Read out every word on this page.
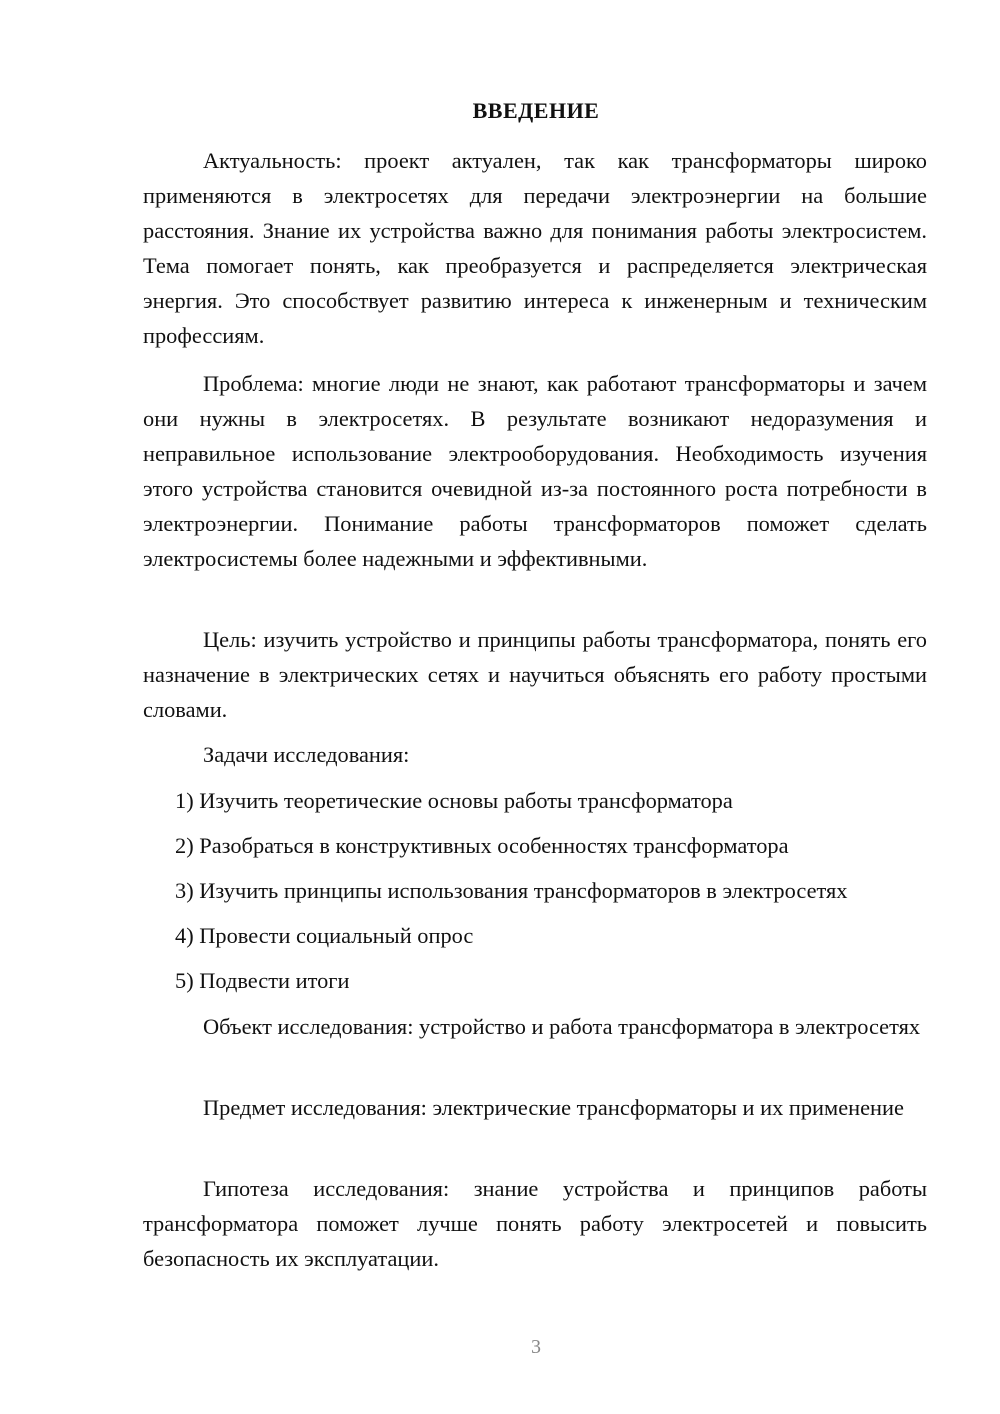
ВВЕДЕНИЕ
Актуальность: проект актуален, так как трансформаторы широко применяются в электросетях для передачи электроэнергии на большие расстояния. Знание их устройства важно для понимания работы электросистем. Тема помогает понять, как преобразуется и распределяется электрическая энергия. Это способствует развитию интереса к инженерным и техническим профессиям.
Проблема: многие люди не знают, как работают трансформаторы и зачем они нужны в электросетях. В результате возникают недоразумения и неправильное использование электрооборудования. Необходимость изучения этого устройства становится очевидной из-за постоянного роста потребности в электроэнергии. Понимание работы трансформаторов поможет сделать электросистемы более надежными и эффективными.
Цель: изучить устройство и принципы работы трансформатора, понять его назначение в электрических сетях и научиться объяснять его работу простыми словами.
Задачи исследования:
1) Изучить теоретические основы работы трансформатора
2) Разобраться в конструктивных особенностях трансформатора
3) Изучить принципы использования трансформаторов в электросетях
4) Провести социальный опрос
5) Подвести итоги
Объект исследования: устройство и работа трансформатора в электросетях
Предмет исследования: электрические трансформаторы и их применение
Гипотеза исследования: знание устройства и принципов работы трансформатора поможет лучше понять работу электросетей и повысить безопасность их эксплуатации.
3
